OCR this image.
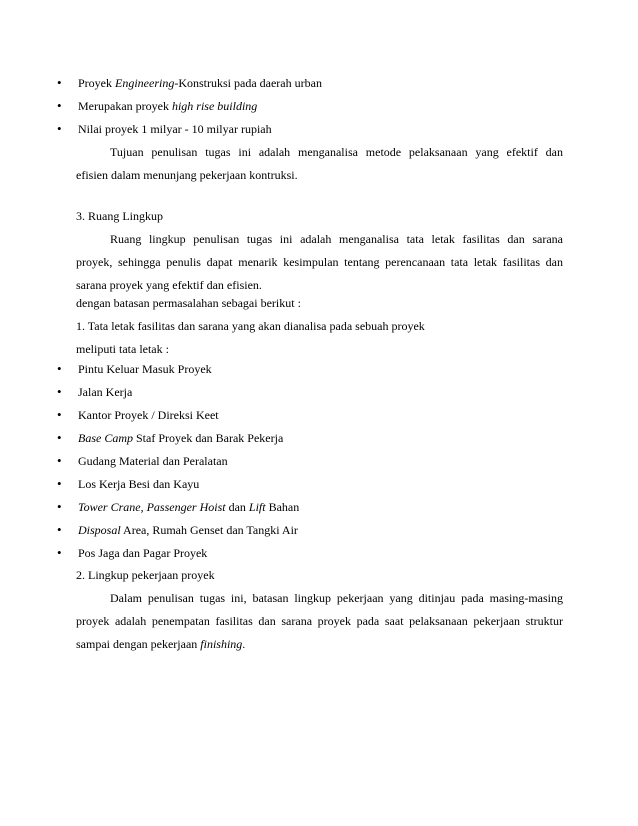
• Proyek Engineering-Konstruksi pada daerah urban
• Merupakan proyek high rise building
• Nilai proyek 1 milyar - 10 milyar rupiah
Tujuan penulisan tugas ini adalah menganalisa metode pelaksanaan yang efektif dan
efisien dalam menunjang pekerjaan kontruksi.
3. Ruang Lingkup
Ruang lingkup penulisan tugas ini adalah menganalisa tata letak fasilitas dan sarana
proyek, sehingga penulis dapat menarik kesimpulan tentang perencanaan tata letak fasilitas dan
sarana proyek yang efektif dan efisien.
dengan batasan permasalahan sebagai berikut :
1. Tata letak fasilitas dan sarana yang akan dianalisa pada sebuah proyek
meliputi tata letak :
• Pintu Keluar Masuk Proyek
• Jalan Kerja
• Kantor Proyek / Direksi Keet
• Base Camp Staf Proyek dan Barak Pekerja
• Gudang Material dan Peralatan
• Los Kerja Besi dan Kayu
• Tower Crane, Passenger Hoist dan Lift Bahan
• Disposal Area, Rumah Genset dan Tangki Air
• Pos Jaga dan Pagar Proyek
2. Lingkup pekerjaan proyek
Dalam penulisan tugas ini, batasan lingkup pekerjaan yang ditinjau pada masing-masing
proyek adalah penempatan fasilitas dan sarana proyek pada saat pelaksanaan pekerjaan struktur
sampai dengan pekerjaan finishing.
